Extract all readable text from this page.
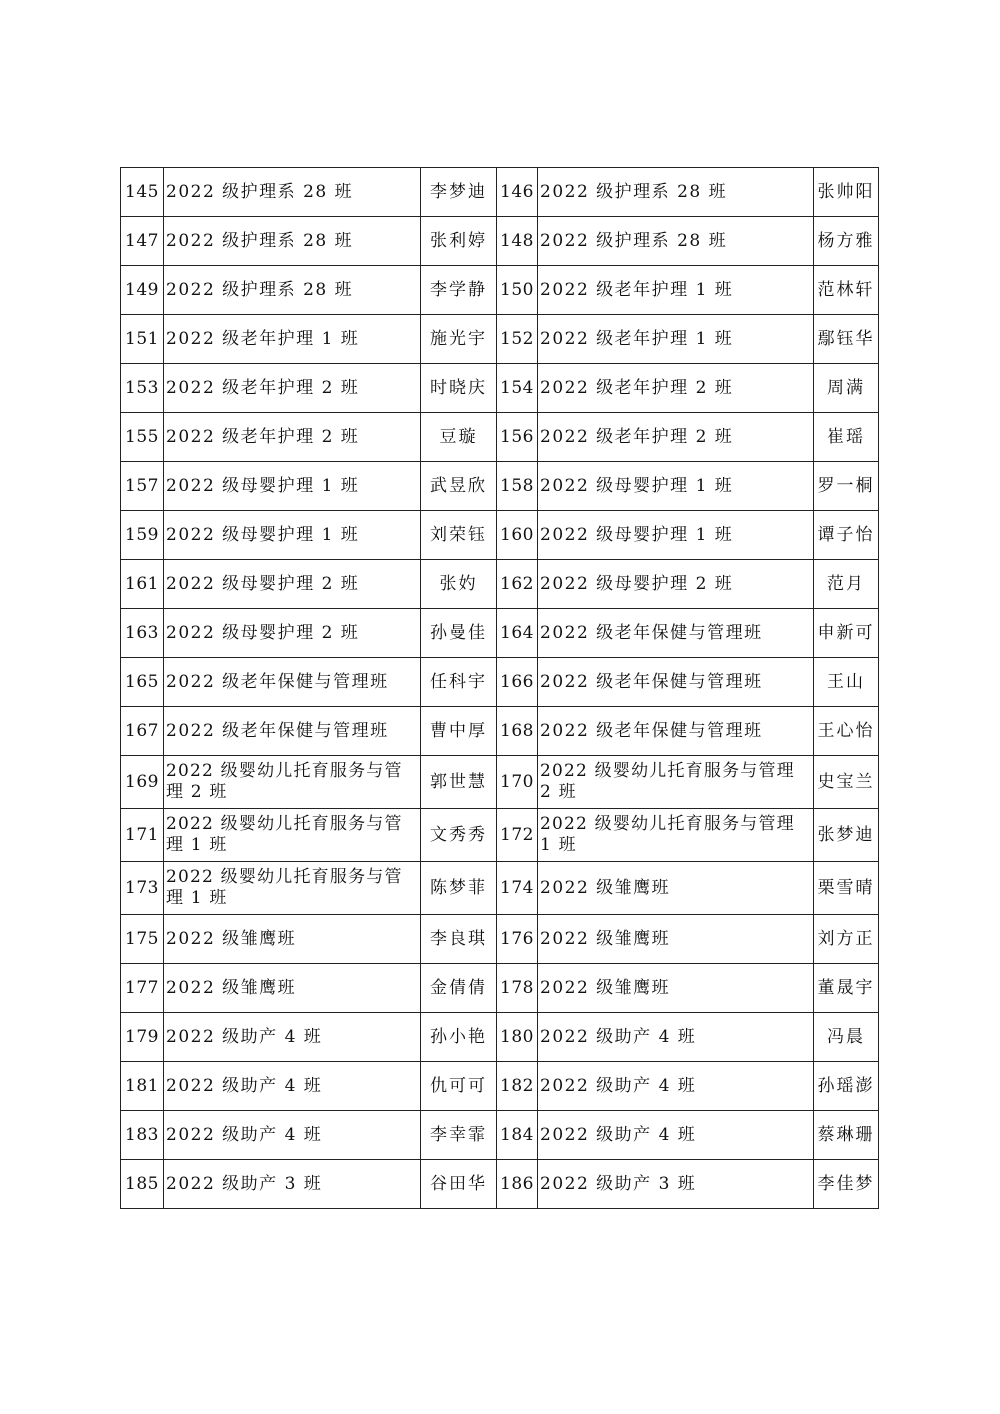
145	2022 级护理系 28 班	李梦迪	146	2022 级护理系 28 班	张帅阳
147	2022 级护理系 28 班	张利婷	148	2022 级护理系 28 班	杨方雅
149	2022 级护理系 28 班	李学静	150	2022 级老年护理 1 班	范林轩
151	2022 级老年护理 1 班	施光宇	152	2022 级老年护理 1 班	鄢钰华
153	2022 级老年护理 2 班	时晓庆	154	2022 级老年护理 2 班	周满
155	2022 级老年护理 2 班	豆璇	156	2022 级老年护理 2 班	崔瑶
157	2022 级母婴护理 1 班	武昱欣	158	2022 级母婴护理 1 班	罗一桐
159	2022 级母婴护理 1 班	刘荣钰	160	2022 级母婴护理 1 班	谭子怡
161	2022 级母婴护理 2 班	张妁	162	2022 级母婴护理 2 班	范月
163	2022 级母婴护理 2 班	孙曼佳	164	2022 级老年保健与管理班	申新可
165	2022 级老年保健与管理班	任科宇	166	2022 级老年保健与管理班	王山
167	2022 级老年保健与管理班	曹中厚	168	2022 级老年保健与管理班	王心怡
169	2022 级婴幼儿托育服务与管理 2 班	郭世慧	170	2022 级婴幼儿托育服务与管理 2 班	史宝兰
171	2022 级婴幼儿托育服务与管理 1 班	文秀秀	172	2022 级婴幼儿托育服务与管理 1 班	张梦迪
173	2022 级婴幼儿托育服务与管理 1 班	陈梦菲	174	2022 级雏鹰班	栗雪晴
175	2022 级雏鹰班	李良琪	176	2022 级雏鹰班	刘方正
177	2022 级雏鹰班	金倩倩	178	2022 级雏鹰班	董晟宇
179	2022 级助产 4 班	孙小艳	180	2022 级助产 4 班	冯晨
181	2022 级助产 4 班	仇可可	182	2022 级助产 4 班	孙瑶澎
183	2022 级助产 4 班	李幸霏	184	2022 级助产 4 班	蔡琳珊
185	2022 级助产 3 班	谷田华	186	2022 级助产 3 班	李佳梦
